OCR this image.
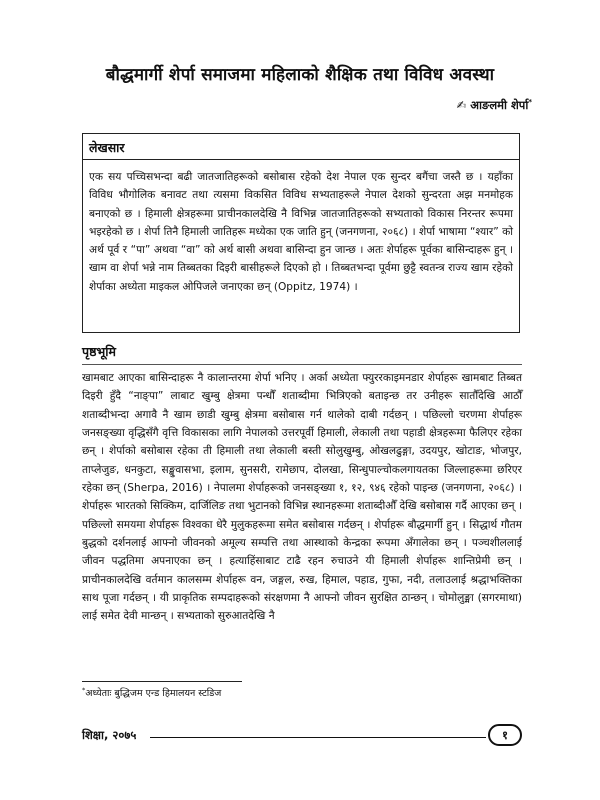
बौद्धमार्गी शेर्पा समाजमा महिलाको शैक्षिक तथा विविध अवस्था
✍ आङलमी शेर्पा*
लेखसार
एक सय पच्चिसभन्दा बढी जातजातिहरूको बसोबास रहेको देश नेपाल एक सुन्दर बगैंचा जस्तै छ । यहाँका विविध भौगोलिक बनावट तथा त्यसमा विकसित विविध सभ्यताहरूले नेपाल देशको सुन्दरता अझ मनमोहक बनाएको छ । हिमाली क्षेत्रहरूमा प्राचीनकालदेखि नै विभिन्न जातजातिहरूको सभ्यताको विकास निरन्तर रूपमा भइरहेको छ । शेर्पा तिनै हिमाली जातिहरू मध्येका एक जाति हुन् (जनगणना, २०६८) । शेर्पा भाषामा “श्यार” को अर्थ पूर्व र “पा” अथवा “वा” को अर्थ बासी अथवा बासिन्दा हुन जान्छ । अतः शेर्पाहरू पूर्वका बासिन्दाहरू हुन् । खाम वा शेर्पा भन्ने नाम तिब्बतका दिइरी बासीहरूले दिएको हो । तिब्बतभन्दा पूर्वमा छुट्टै स्वतन्त्र राज्य खाम रहेको शेर्पाका अध्येता माइकल ओपिजले जनाएका छन् (Oppitz, 1974) ।
पृष्ठभूमि
खामबाट आएका बासिन्दाहरू नै कालान्तरमा शेर्पा भनिए । अर्का अध्येता फ्युररकाइमनडार शेर्पाहरू खामबाट तिब्बत दिइरी हुँदै “नाङ्पा” लाबाट खुम्बु क्षेत्रमा पन्धौँ शताब्दीमा भित्रिएको बताइन्छ तर उनीहरू सातौँदेखि आठौँ शताब्दीभन्दा अगावै नै खाम छाडी खुम्बु क्षेत्रमा बसोबास गर्न थालेको दाबी गर्दछन् । पछिल्लो चरणमा शेर्पाहरू जनसङ्ख्या वृद्धिसँगै वृत्ति विकासका लागि नेपालको उत्तरपूर्वी हिमाली, लेकाली तथा पहाडी क्षेत्रहरूमा फैलिएर रहेका छन् । शेर्पाको बसोबास रहेका ती हिमाली तथा लेकाली बस्ती सोलुखुम्बु, ओखलढुङ्गा, उदयपुर, खोटाङ, भोजपुर, ताप्लेजुङ, धनकुटा, सङ्खुवासभा, इलाम, सुनसरी, रामेछाप, दोलखा, सिन्धुपाल्चोकलगायतका जिल्लाहरूमा छरिएर रहेका छन् (Sherpa, 2016) । नेपालमा शेर्पाहरूको जनसङ्ख्या १, १२, ९४६ रहेको पाइन्छ (जनगणना, २०६८) । शेर्पाहरू भारतको सिक्किम, दार्जिलिङ तथा भुटानको विभिन्न स्थानहरूमा शताब्दीऔँ देखि बसोबास गर्दै आएका छन् । पछिल्लो समयमा शेर्पाहरू विश्वका धेरै मुलुकहरूमा समेत बसोबास गर्दछन् । शेर्पाहरू बौद्धमार्गी हुन् । सिद्धार्थ गौतम बुद्धको दर्शनलाई आफ्नो जीवनको अमूल्य सम्पत्ति तथा आस्थाको केन्द्रका रूपमा अँगालेका छन् । पञ्चशीललाई जीवन पद्धतिमा अपनाएका छन् । हत्याहिंसाबाट टाढै रहन रुचाउने यी हिमाली शेर्पाहरू शान्तिप्रेमी छन् । प्राचीनकालदेखि वर्तमान कालसम्म शेर्पाहरू वन, जङ्गल, रुख, हिमाल, पहाड, गुफा, नदी, तलाउलाई श्रद्धाभक्तिका साथ पूजा गर्दछन् । यी प्राकृतिक सम्पदाहरूको संरक्षणमा नै आफ्नो जीवन सुरक्षित ठान्छन् । चोमोलुङ्मा (सगरमाथा) लाई समेत देवी मान्छन् । सभ्यताको सुरुआतदेखि नै
*अध्येताः बुद्धिजम एन्ड हिमालयन स्टडिज
शिक्षा, २०७५	१
